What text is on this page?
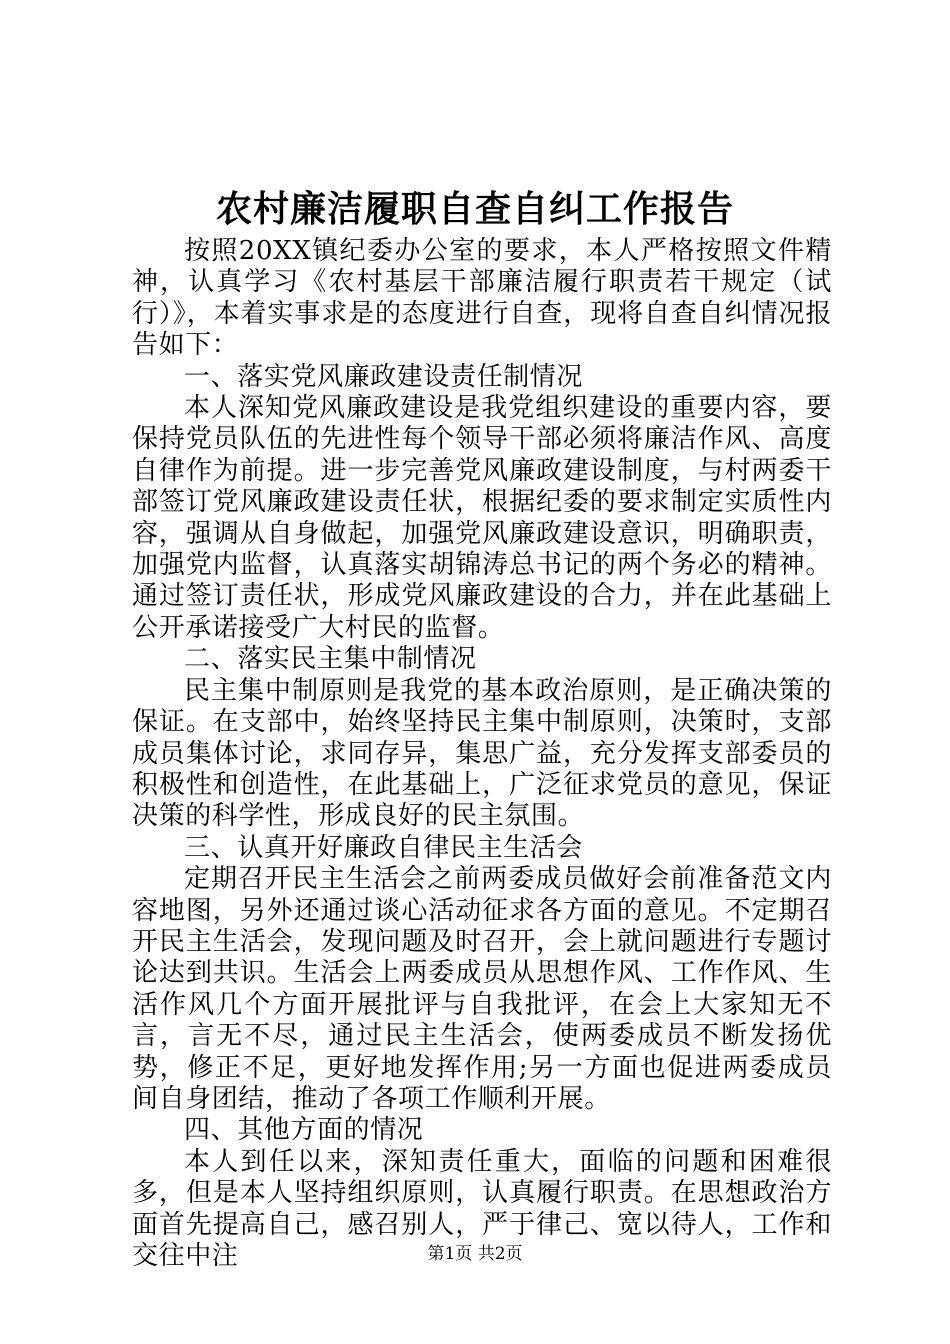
农村廉洁履职自查自纠工作报告

按照20XX镇纪委办公室的要求，本人严格按照文件精神，认真学习《农村基层干部廉洁履行职责若干规定（试行）》，本着实事求是的态度进行自查，现将自查自纠情况报告如下：

一、落实党风廉政建设责任制情况

本人深知党风廉政建设是我党组织建设的重要内容，要保持党员队伍的先进性每个领导干部必须将廉洁作风、高度自律作为前提。进一步完善党风廉政建设制度，与村两委干部签订党风廉政建设责任状，根据纪委的要求制定实质性内容，强调从自身做起，加强党风廉政建设意识，明确职责，加强党内监督，认真落实胡锦涛总书记的两个务必的精神。通过签订责任状，形成党风廉政建设的合力，并在此基础上公开承诺接受广大村民的监督。

二、落实民主集中制情况

民主集中制原则是我党的基本政治原则，是正确决策的保证。在支部中，始终坚持民主集中制原则，决策时，支部成员集体讨论，求同存异，集思广益，充分发挥支部委员的积极性和创造性，在此基础上，广泛征求党员的意见，保证决策的科学性，形成良好的民主氛围。

三、认真开好廉政自律民主生活会

定期召开民主生活会之前两委成员做好会前准备范文内容地图，另外还通过谈心活动征求各方面的意见。不定期召开民主生活会，发现问题及时召开，会上就问题进行专题讨论达到共识。生活会上两委成员从思想作风、工作作风、生活作风几个方面开展批评与自我批评，在会上大家知无不言，言无不尽，通过民主生活会，使两委成员不断发扬优势，修正不足，更好地发挥作用;另一方面也促进两委成员间自身团结，推动了各项工作顺利开展。

四、其他方面的情况

本人到任以来，深知责任重大，面临的问题和困难很多，但是本人坚持组织原则，认真履行职责。在思想政治方面首先提高自己，感召别人，严于律己、宽以待人，工作和交往中注	第1页 共2页
